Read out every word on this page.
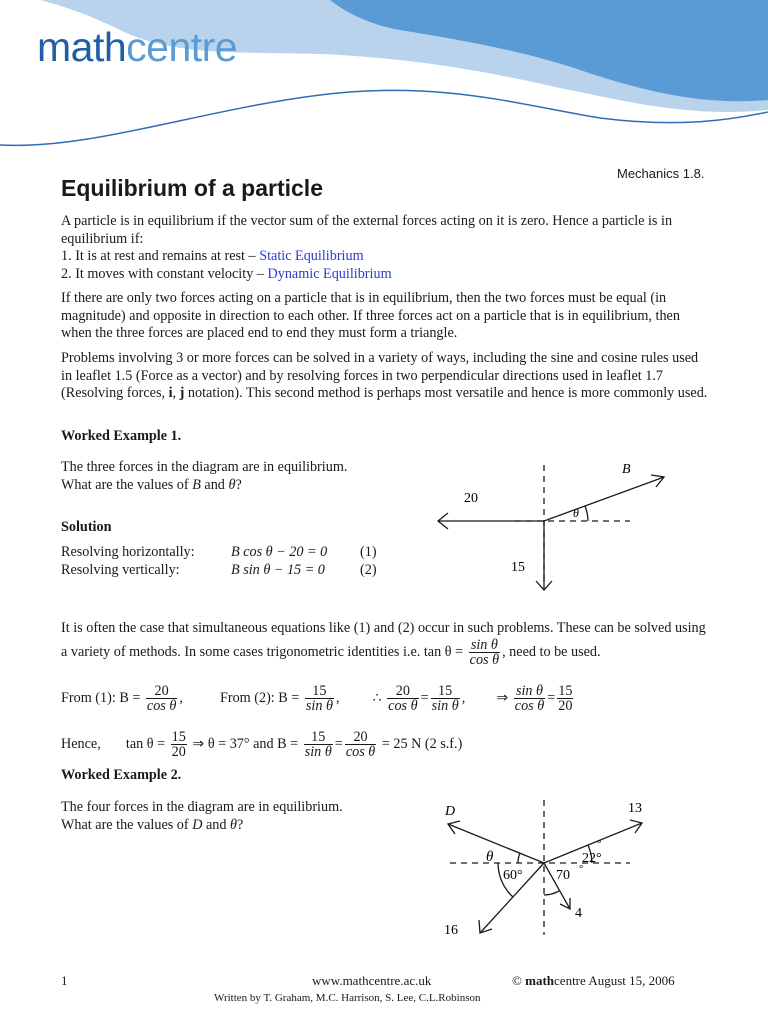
mathcentre
Mechanics 1.8.
Equilibrium of a particle
A particle is in equilibrium if the vector sum of the external forces acting on it is zero. Hence a particle is in equilibrium if:
1. It is at rest and remains at rest – Static Equilibrium
2. It moves with constant velocity – Dynamic Equilibrium
If there are only two forces acting on a particle that is in equilibrium, then the two forces must be equal (in magnitude) and opposite in direction to each other. If three forces act on a particle that is in equilibrium, then when the three forces are placed end to end they must form a triangle.
Problems involving 3 or more forces can be solved in a variety of ways, including the sine and cosine rules used in leaflet 1.5 (Force as a vector) and by resolving forces in two perpendicular directions used in leaflet 1.7 (Resolving forces, i, j notation). This second method is perhaps most versatile and hence is more commonly used.
Worked Example 1.
The three forces in the diagram are in equilibrium. What are the values of B and θ?
Solution
Resolving horizontally:	B cos θ − 20 = 0 (1)
Resolving vertically:	B sin θ − 15 = 0 (2)
B
20
15
θ
It is often the case that simultaneous equations like (1) and (2) occur in such problems. These can be solved using a variety of methods. In some cases trigonometric identities i.e. $\tan \theta = \frac{\text{sin θ}}{\text{cos θ}}$ , need to be used.
From (1): $B = \frac{20}{\text{cos θ}}$ ,  From (2): $B = \frac{15}{\text{sin θ}}$ ,  ∴ $\frac{20}{\text{cos θ}} = \frac{15}{\text{sin θ}}$ ,  ⇒ $\frac{\text{sin θ}}{\text{cos θ}} = \frac{15}{20}$
Hence, $\tan \theta = \frac{15}{20}$ ⇒ θ = 37° and $B = \frac{15}{\text{sin θ}} = \frac{20}{\text{cos θ}} = 25$ N (2 s.f.)
Worked Example 2.
The four forces in the diagram are in equilibrium.
What are the values of D and θ?
D	13
θ
60° 70 °
22°
°
4
16
1	www.mathcentre.ac.uk	© mathcentre August 15, 2006
Written by T. Graham, M.C. Harrison, S. Lee, C.L.Robinson
